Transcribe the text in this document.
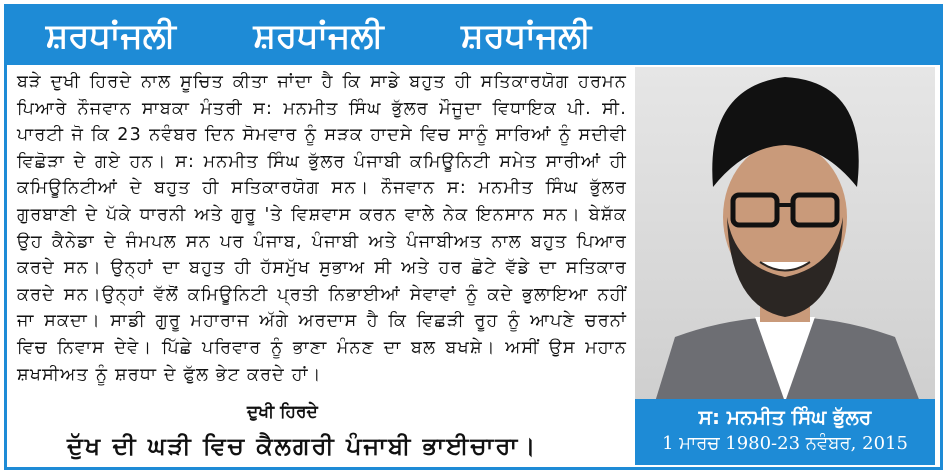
ਸ਼ਰਧਾਂਜਲੀ ਸ਼ਰਧਾਂਜਲੀ ਸ਼ਰਧਾਂਜਲੀ

ਬੜੇ ਦੁਖੀ ਹਿਰਦੇ ਨਾਲ ਸੂਚਿਤ ਕੀਤਾ ਜਾਂਦਾ ਹੈ ਕਿ ਸਾਡੇ ਬਹੁਤ ਹੀ ਸਤਿਕਾਰਯੋਗ ਹਰਮਨ ਪਿਆਰੇ ਨੌਜਵਾਨ ਸਾਬਕਾ ਮੰਤਰੀ ਸ: ਮਨਮੀਤ ਸਿੰਘ ਭੁੱਲਰ ਮੌਜੂਦਾ ਵਿਧਾਇਕ ਪੀ. ਸੀ. ਪਾਰਟੀ ਜੋ ਕਿ 23 ਨਵੰਬਰ ਦਿਨ ਸੋਮਵਾਰ ਨੂੰ ਸੜਕ ਹਾਦਸੇ ਵਿਚ ਸਾਨੂੰ ਸਾਰਿਆਂ ਨੂੰ ਸਦੀਵੀ ਵਿਛੋੜਾ ਦੇ ਗਏ ਹਨ। ਸ: ਮਨਮੀਤ ਸਿੰਘ ਭੁੱਲਰ ਪੰਜਾਬੀ ਕਮਿਊਨਿਟੀ ਸਮੇਤ ਸਾਰੀਆਂ ਹੀ ਕਮਿਊਨਿਟੀਆਂ ਦੇ ਬਹੁਤ ਹੀ ਸਤਿਕਾਰਯੋਗ ਸਨ। ਨੌਜਵਾਨ ਸ: ਮਨਮੀਤ ਸਿੰਘ ਭੁੱਲਰ ਗੁਰਬਾਣੀ ਦੇ ਪੱਕੇ ਧਾਰਨੀ ਅਤੇ ਗੁਰੂ 'ਤੇ ਵਿਸ਼ਵਾਸ ਕਰਨ ਵਾਲੇ ਨੇਕ ਇਨਸਾਨ ਸਨ। ਬੇਸ਼ੱਕ ਉਹ ਕੈਨੇਡਾ ਦੇ ਜੰਮਪਲ ਸਨ ਪਰ ਪੰਜਾਬ, ਪੰਜਾਬੀ ਅਤੇ ਪੰਜਾਬੀਅਤ ਨਾਲ ਬਹੁਤ ਪਿਆਰ ਕਰਦੇ ਸਨ। ਉਨ੍ਹਾਂ ਦਾ ਬਹੁਤ ਹੀ ਹੱਸਮੁੱਖ ਸੁਭਾਅ ਸੀ ਅਤੇ ਹਰ ਛੋਟੇ ਵੱਡੇ ਦਾ ਸਤਿਕਾਰ ਕਰਦੇ ਸਨ।ਉਨ੍ਹਾਂ ਵੱਲੋਂ ਕਮਿਊਨਿਟੀ ਪ੍ਰਤੀ ਨਿਭਾਈਆਂ ਸੇਵਾਵਾਂ ਨੂੰ ਕਦੇ ਭੁਲਾਇਆ ਨਹੀਂ ਜਾ ਸਕਦਾ। ਸਾਡੀ ਗੁਰੂ ਮਹਾਰਾਜ ਅੱਗੇ ਅਰਦਾਸ ਹੈ ਕਿ ਵਿਛੜੀ ਰੂਹ ਨੂੰ ਆਪਣੇ ਚਰਨਾਂ ਵਿਚ ਨਿਵਾਸ ਦੇਵੇ। ਪਿੱਛੇ ਪਰਿਵਾਰ ਨੂੰ ਭਾਣਾ ਮੰਨਣ ਦਾ ਬਲ ਬਖਸ਼ੇ। ਅਸੀਂ ਉਸ ਮਹਾਨ ਸ਼ਖਸੀਅਤ ਨੂੰ ਸ਼ਰਧਾ ਦੇ ਫੁੱਲ ਭੇਟ ਕਰਦੇ ਹਾਂ।

ਦੁਖੀ ਹਿਰਦੇ
ਦੁੱਖ ਦੀ ਘੜੀ ਵਿਚ ਕੈਲਗਰੀ ਪੰਜਾਬੀ ਭਾਈਚਾਰਾ।
ਸ: ਮਨਮੀਤ ਸਿੰਘ ਭੁੱਲਰ
1 ਮਾਰਚ 1980-23 ਨਵੰਬਰ, 2015
